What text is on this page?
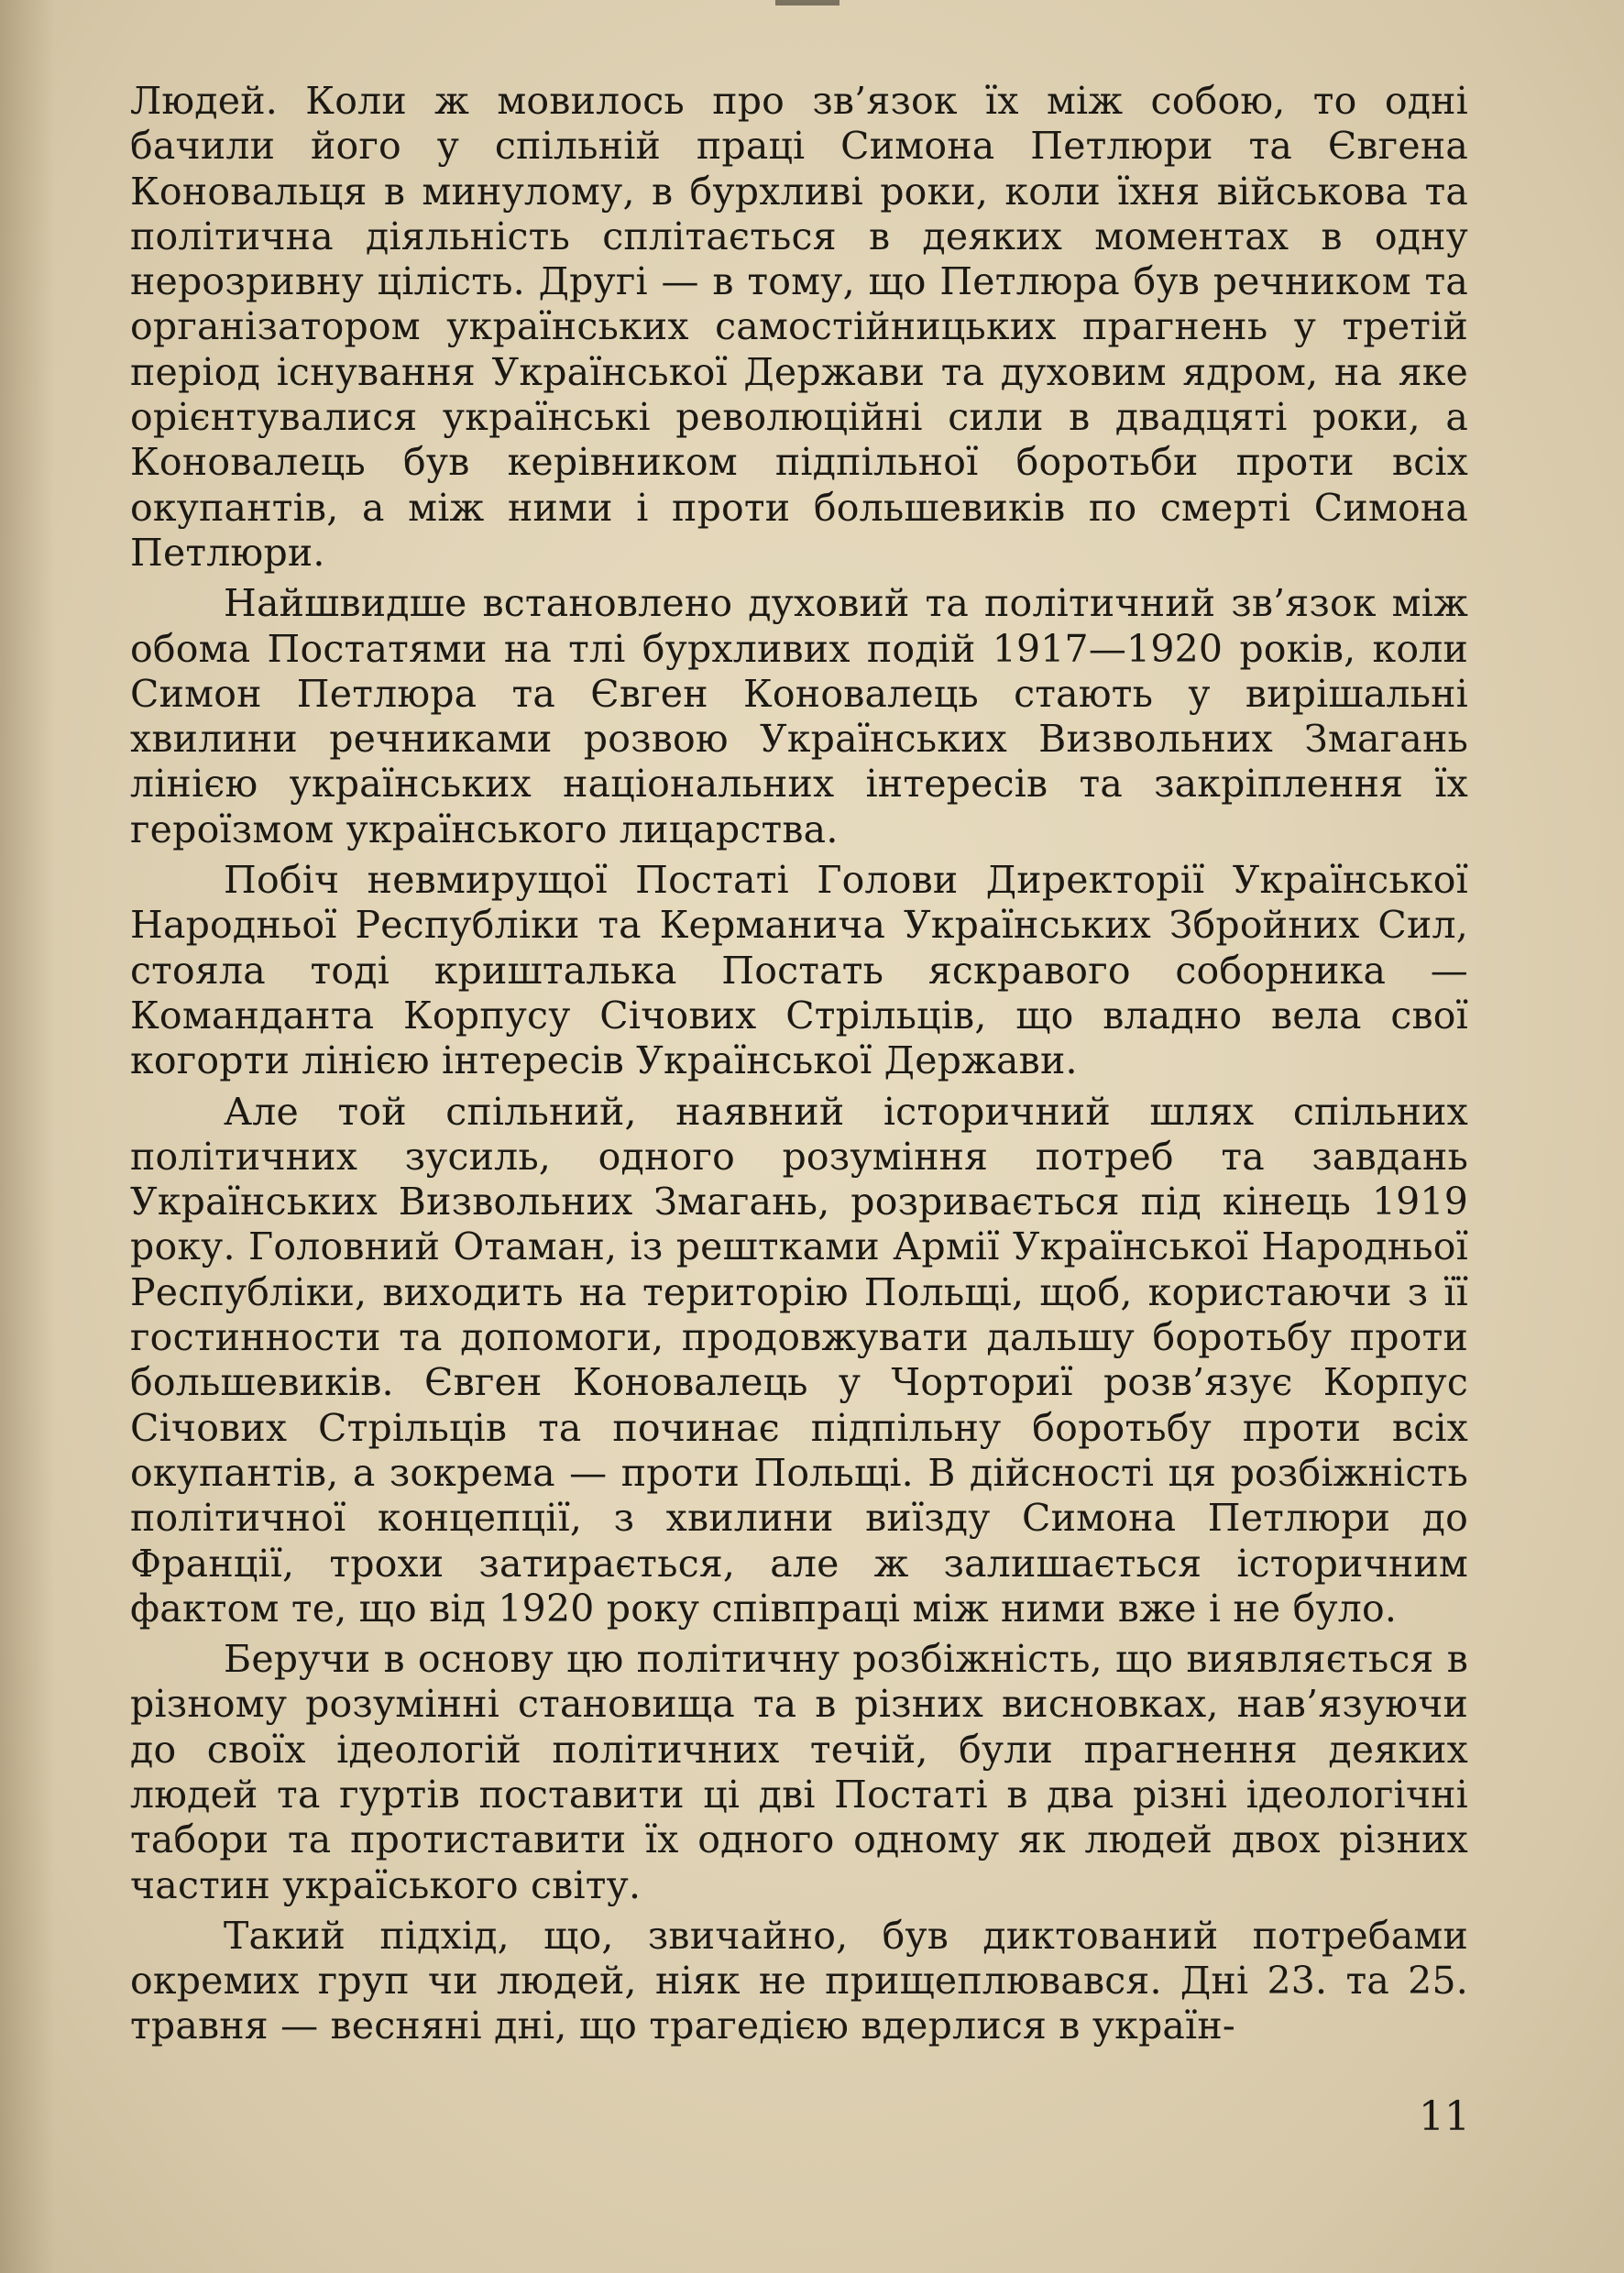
Людей. Коли ж мовилось про зв’язок їх між собою, то одні бачили його у спільній праці Симона Петлюри та Євгена Коновальця в минулому, в бурхливі роки, коли їхня військова та політична діяльність сплітається в деяких моментах в одну нерозривну цілість. Другі — в тому, що Петлюра був речником та організатором українських самостійницьких прагнень у третій період існування Української Держави та духовим ядром, на яке орієнтувалися українські революційні сили в двадцяті роки, а Коновалець був керівником підпільної боротьби проти всіх окупантів, а між ними і проти большевиків по смерті Симона Петлюри.

Найшвидше встановлено духовий та політичний зв’язок між обома Постатями на тлі бурхливих подій 1917—1920 років, коли Симон Петлюра та Євген Коновалець стають у вирішальні хвилини речниками розвою Українських Визвольних Змагань лінією українських національних інтересів та закріплення їх героїзмом українського лицарства.

Побіч невмирущої Постаті Голови Директорії Української Народньої Республіки та Керманича Українських Збройних Сил, стояла тоді кришталька Постать яскравого соборника — Команданта Корпусу Січових Стрільців, що владно вела свої когорти лінією інтересів Української Держави.

Але той спільний, наявний історичний шлях спільних політичних зусиль, одного розуміння потреб та завдань Українських Визвольних Змагань, розривається під кінець 1919 року. Головний Отаман, із рештками Армії Української Народньої Республіки, виходить на територію Польщі, щоб, користаючи з її гостинности та допомоги, продовжувати дальшу боротьбу проти большевиків. Євген Коновалець у Чорториї розв’язує Корпус Січових Стрільців та починає підпільну боротьбу проти всіх окупантів, а зокрема — проти Польщі. В дійсності ця розбіжність політичної концепції, з хвилини виїзду Симона Петлюри до Франції, трохи затирається, але ж залишається історичним фактом те, що від 1920 року співпраці між ними вже і не було.

Беручи в основу цю політичну розбіжність, що виявляється в різному розумінні становища та в різних висновках, нав’язуючи до своїх ідеологій політичних течій, були прагнення деяких людей та гуртів поставити ці дві Постаті в два різні ідеологічні табори та протиставити їх одного одному як людей двох різних частин україського світу.

Такий підхід, що, звичайно, був диктований потребами окремих груп чи людей, ніяк не прищеплювався. Дні 23. та 25. травня — весняні дні, що трагедією вдерлися в україн-

11
